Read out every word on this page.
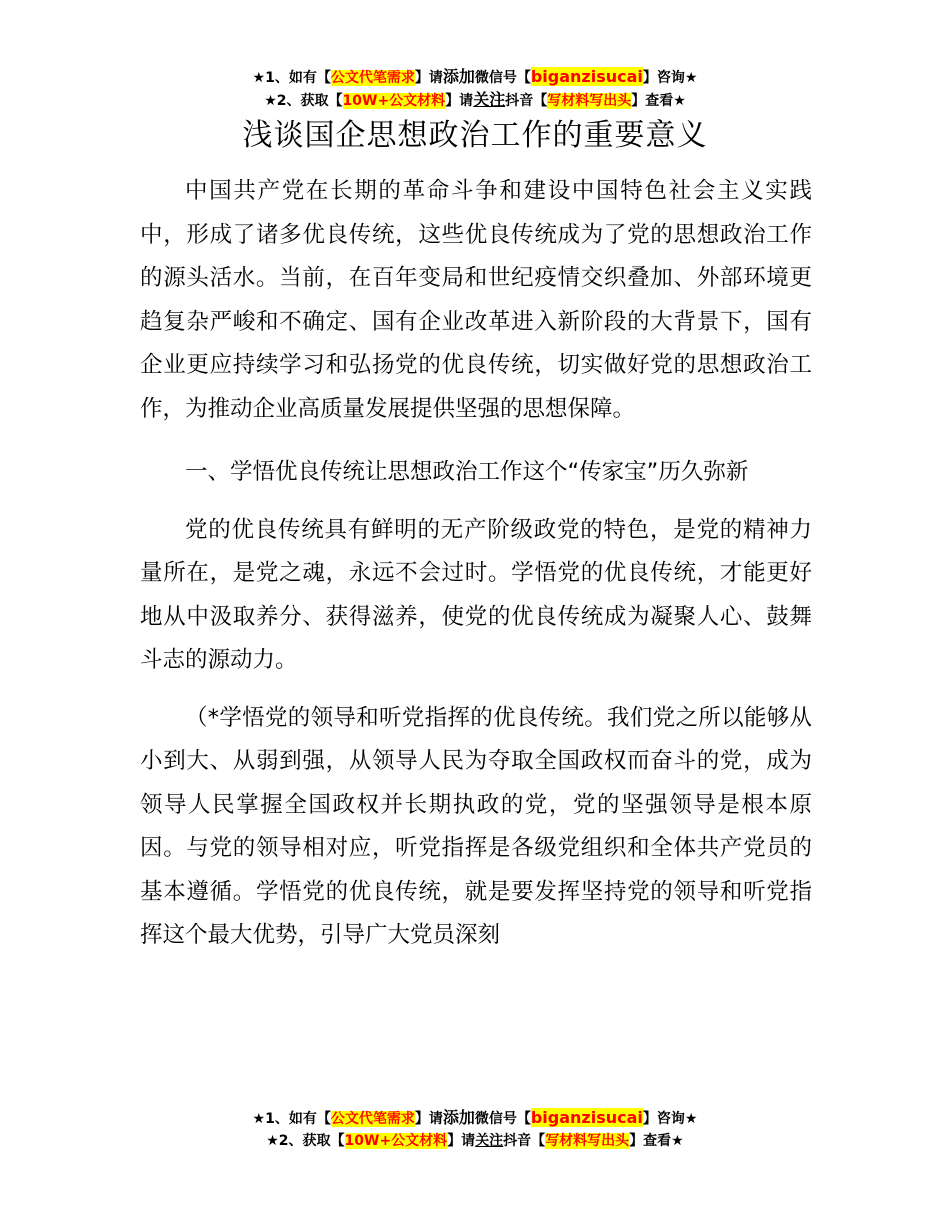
★1、如有【公文代笔需求】请添加微信号【biganzisucai】咨询★
★2、获取【10W+公文材料】请关注抖音【写材料写出头】查看★
浅谈国企思想政治工作的重要意义

中国共产党在长期的革命斗争和建设中国特色社会主义实践中，形成了诸多优良传统，这些优良传统成为了党的思想政治工作的源头活水。当前，在百年变局和世纪疫情交织叠加、外部环境更趋复杂严峻和不确定、国有企业改革进入新阶段的大背景下，国有企业更应持续学习和弘扬党的优良传统，切实做好党的思想政治工作，为推动企业高质量发展提供坚强的思想保障。

一、学悟优良传统让思想政治工作这个“传家宝”历久弥新

党的优良传统具有鲜明的无产阶级政党的特色，是党的精神力量所在，是党之魂，永远不会过时。学悟党的优良传统，才能更好地从中汲取养分、获得滋养，使党的优良传统成为凝聚人心、鼓舞斗志的源动力。

（*学悟党的领导和听党指挥的优良传统。我们党之所以能够从小到大、从弱到强，从领导人民为夺取全国政权而奋斗的党，成为领导人民掌握全国政权并长期执政的党，党的坚强领导是根本原因。与党的领导相对应，听党指挥是各级党组织和全体共产党员的基本遵循。学悟党的优良传统，就是要发挥坚持党的领导和听党指挥这个最大优势，引导广大党员深刻

★1、如有【公文代笔需求】请添加微信号【biganzisucai】咨询★
★2、获取【10W+公文材料】请关注抖音【写材料写出头】查看★
